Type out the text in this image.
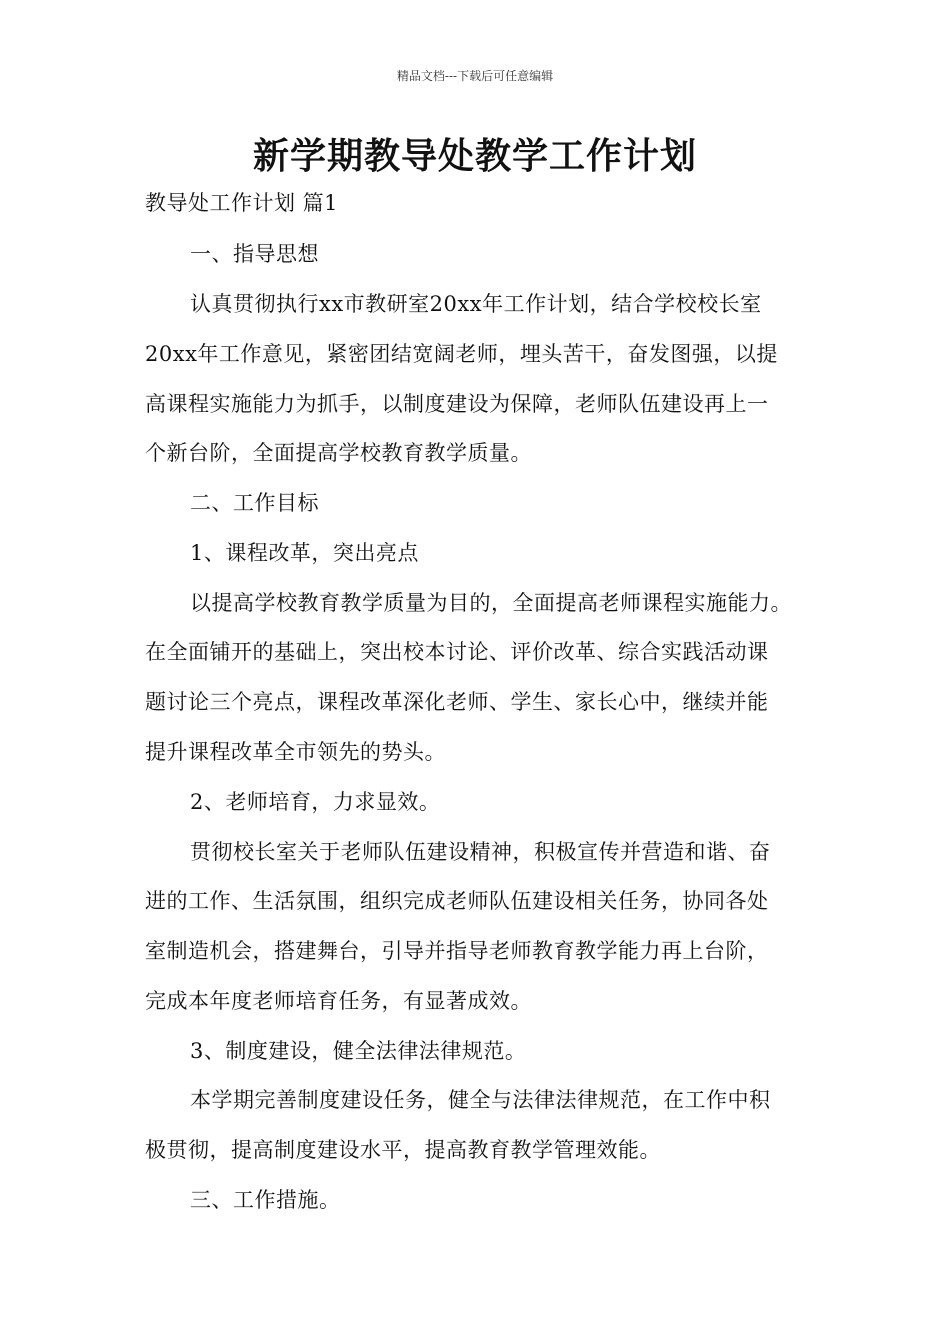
精品文档---下载后可任意编辑
新学期教导处教学工作计划
教导处工作计划 篇1
一、指导思想
认真贯彻执行xx市教研室20xx年工作计划，结合学校校长室
20xx年工作意见，紧密团结宽阔老师，埋头苦干，奋发图强，以提
高课程实施能力为抓手，以制度建设为保障，老师队伍建设再上一
个新台阶，全面提高学校教育教学质量。
二、工作目标
1、课程改革，突出亮点
以提高学校教育教学质量为目的，全面提高老师课程实施能力。
在全面铺开的基础上，突出校本讨论、评价改革、综合实践活动课
题讨论三个亮点，课程改革深化老师、学生、家长心中，继续并能
提升课程改革全市领先的势头。
2、老师培育，力求显效。
贯彻校长室关于老师队伍建设精神，积极宣传并营造和谐、奋
进的工作、生活氛围，组织完成老师队伍建设相关任务，协同各处
室制造机会，搭建舞台，引导并指导老师教育教学能力再上台阶，
完成本年度老师培育任务，有显著成效。
3、制度建设，健全法律法律规范。
本学期完善制度建设任务，健全与法律法律规范，在工作中积
极贯彻，提高制度建设水平，提高教育教学管理效能。
三、工作措施。
